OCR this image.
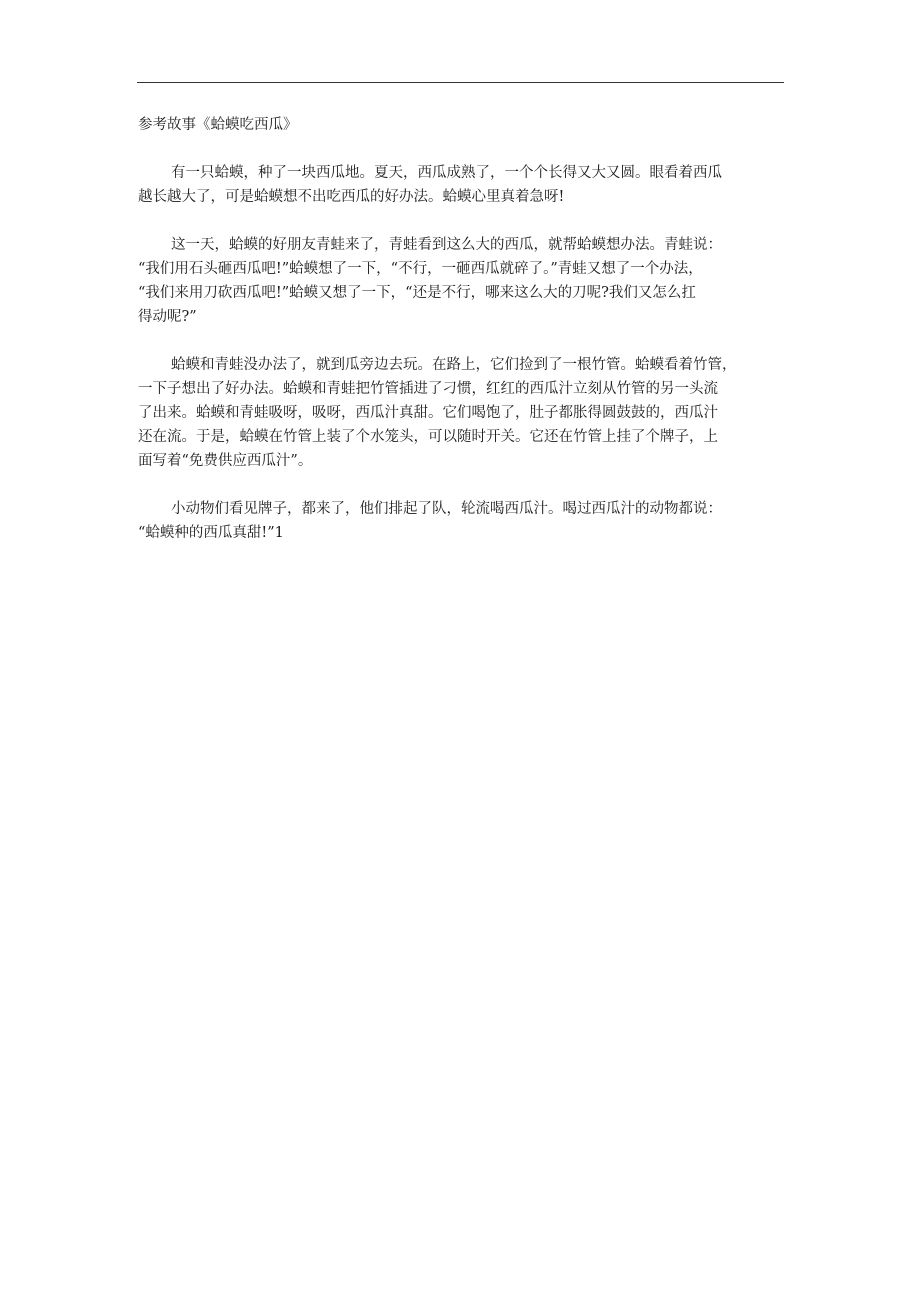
参考故事《蛤蟆吃西瓜》
有一只蛤蟆，种了一块西瓜地。夏天，西瓜成熟了，一个个长得又大又圆。眼看着西瓜
越长越大了，可是蛤蟆想不出吃西瓜的好办法。蛤蟆心里真着急呀!
这一天，蛤蟆的好朋友青蛙来了，青蛙看到这么大的西瓜，就帮蛤蟆想办法。青蛙说：
“我们用石头砸西瓜吧!”蛤蟆想了一下，“不行，一砸西瓜就碎了。”青蛙又想了一个办法，
“我们来用刀砍西瓜吧!”蛤蟆又想了一下，“还是不行，哪来这么大的刀呢?我们又怎么扛
得动呢?”
蛤蟆和青蛙没办法了，就到瓜旁边去玩。在路上，它们捡到了一根竹管。蛤蟆看着竹管，
一下子想出了好办法。蛤蟆和青蛙把竹管插进了刁惯，红红的西瓜汁立刻从竹管的另一头流
了出来。蛤蟆和青蛙吸呀，吸呀，西瓜汁真甜。它们喝饱了，肚子都胀得圆鼓鼓的，西瓜汁
还在流。于是，蛤蟆在竹管上装了个水笼头，可以随时开关。它还在竹管上挂了个牌子，上
面写着“免费供应西瓜汁”。
小动物们看见牌子，都来了，他们排起了队，轮流喝西瓜汁。喝过西瓜汁的动物都说：
“蛤蟆种的西瓜真甜!”1
